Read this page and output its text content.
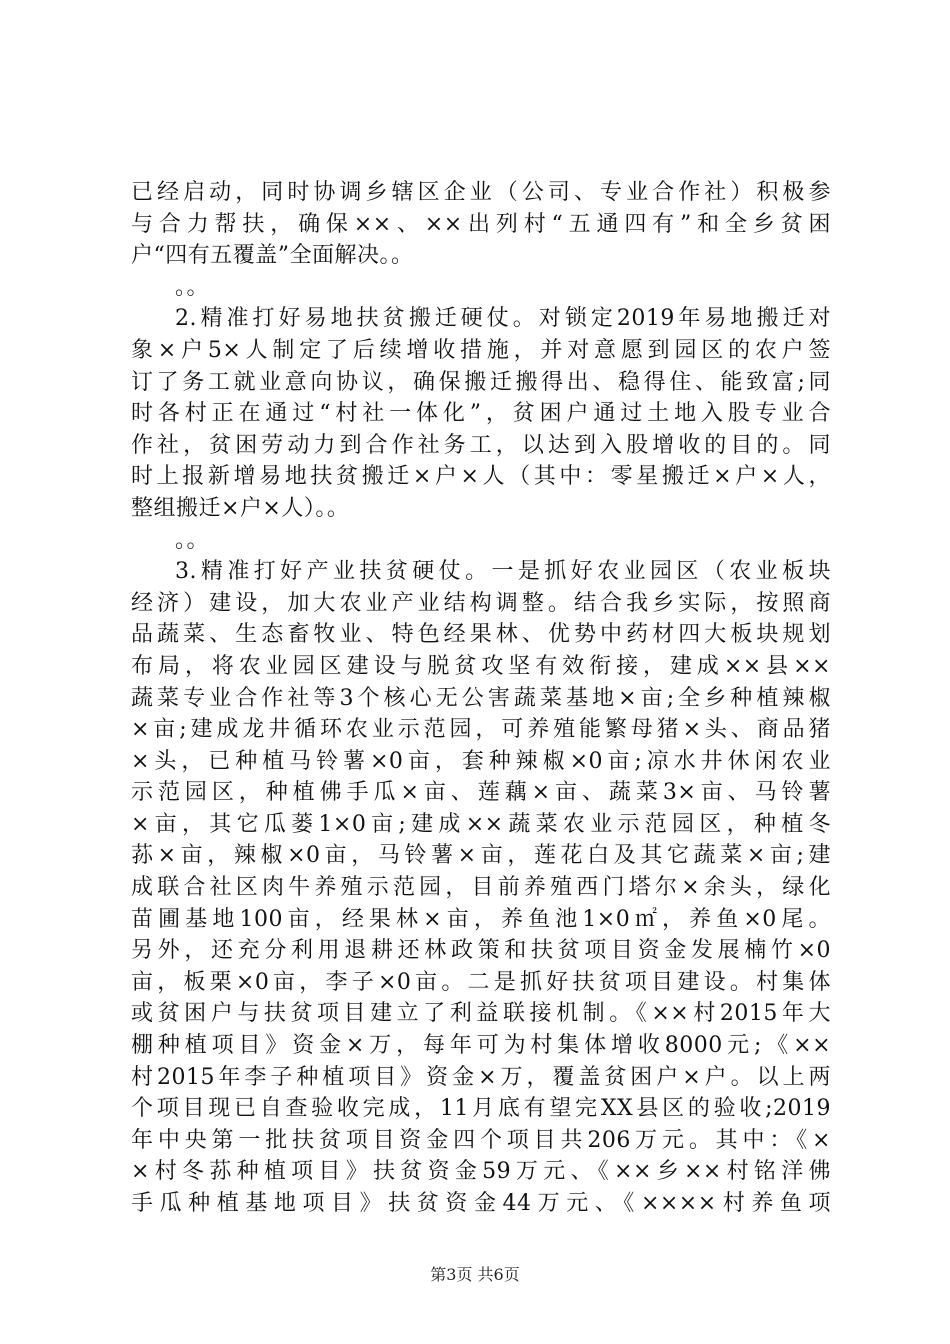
已经启动，同时协调乡辖区企业（公司、专业合作社）积极参
与合力帮扶，确保××、××出列村“五通四有”和全乡贫困
户“四有五覆盖”全面解决。。
。。
2.精准打好易地扶贫搬迁硬仗。对锁定2019年易地搬迁对
象×户5×人制定了后续增收措施，并对意愿到园区的农户签
订了务工就业意向协议，确保搬迁搬得出、稳得住、能致富;同
时各村正在通过“村社一体化”，贫困户通过土地入股专业合
作社，贫困劳动力到合作社务工，以达到入股增收的目的。同
时上报新增易地扶贫搬迁×户×人（其中：零星搬迁×户×人，
整组搬迁×户×人）。。
。。
3.精准打好产业扶贫硬仗。一是抓好农业园区（农业板块
经济）建设，加大农业产业结构调整。结合我乡实际，按照商
品蔬菜、生态畜牧业、特色经果林、优势中药材四大板块规划
布局，将农业园区建设与脱贫攻坚有效衔接，建成××县××
蔬菜专业合作社等3个核心无公害蔬菜基地×亩;全乡种植辣椒
×亩;建成龙井循环农业示范园，可养殖能繁母猪×头、商品猪
×头，已种植马铃薯×0亩，套种辣椒×0亩;凉水井休闲农业
示范园区，种植佛手瓜×亩、莲藕×亩、蔬菜3×亩、马铃薯
×亩，其它瓜蒌1×0亩;建成××蔬菜农业示范园区，种植冬
荪×亩，辣椒×0亩，马铃薯×亩，莲花白及其它蔬菜×亩;建
成联合社区肉牛养殖示范园，目前养殖西门塔尔×余头，绿化
苗圃基地100亩，经果林×亩，养鱼池1×0㎡，养鱼×0尾。
另外，还充分利用退耕还林政策和扶贫项目资金发展楠竹×0
亩，板栗×0亩，李子×0亩。二是抓好扶贫项目建设。村集体
或贫困户与扶贫项目建立了利益联接机制。《××村2015年大
棚种植项目》资金×万，每年可为村集体增收8000元;《××
村2015年李子种植项目》资金×万，覆盖贫困户×户。以上两
个项目现已自查验收完成，11月底有望完XX县区的验收;2019
年中央第一批扶贫项目资金四个项目共206万元。其中：《×
×村冬荪种植项目》扶贫资金59万元、《××乡××村铭洋佛
手瓜种植基地项目》扶贫资金44万元、《××××村养鱼项
第3页 共6页
